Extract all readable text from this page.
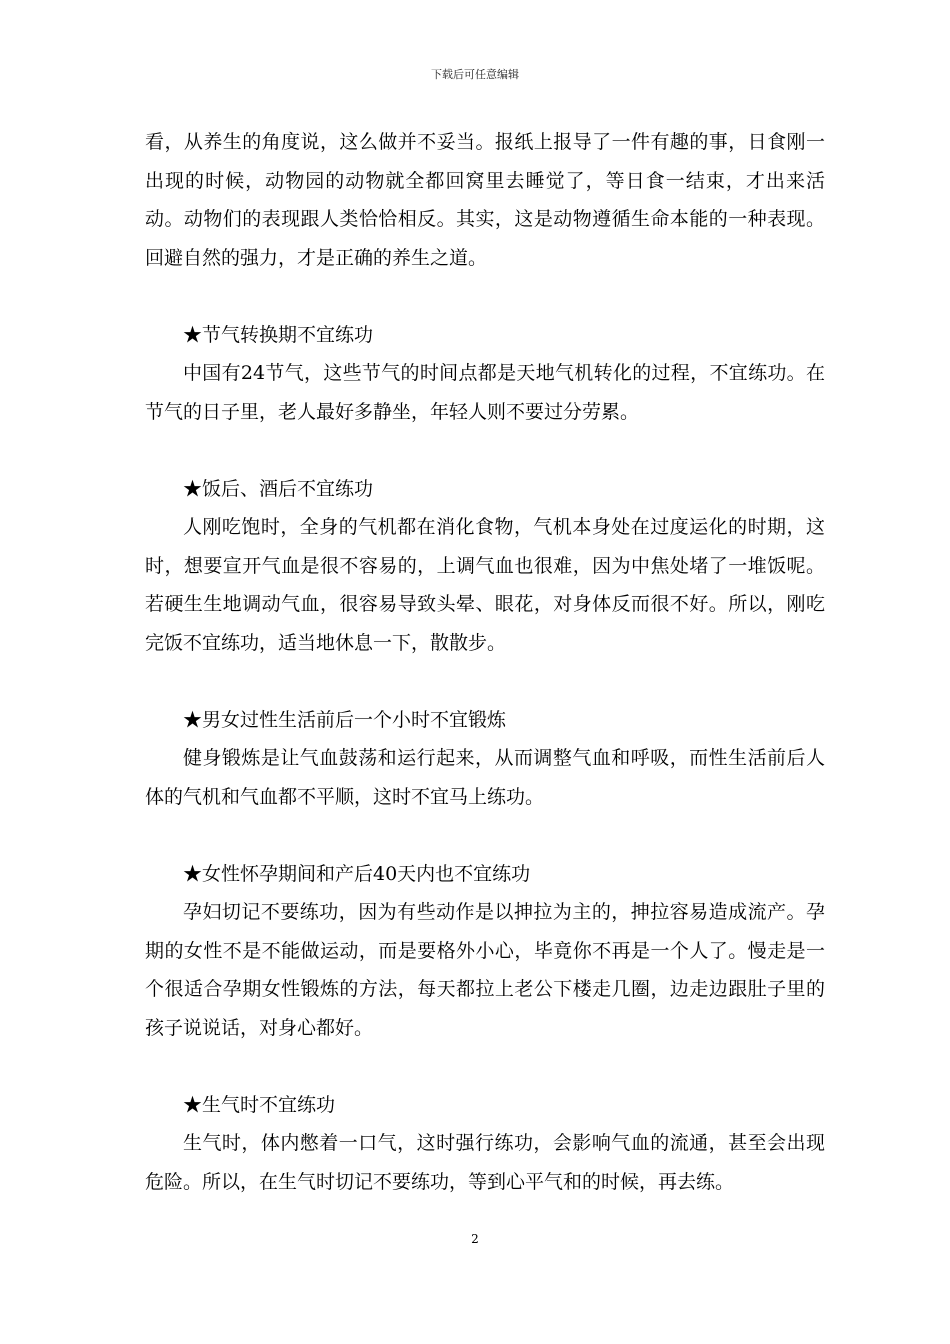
下载后可任意编辑

看，从养生的角度说，这么做并不妥当。报纸上报导了一件有趣的事，日食刚一出现的时候，动物园的动物就全都回窝里去睡觉了，等日食一结束，才出来活动。动物们的表现跟人类恰恰相反。其实，这是动物遵循生命本能的一种表现。回避自然的强力，才是正确的养生之道。

★节气转换期不宜练功

中国有24节气，这些节气的时间点都是天地气机转化的过程，不宜练功。在节气的日子里，老人最好多静坐，年轻人则不要过分劳累。

★饭后、酒后不宜练功

人刚吃饱时，全身的气机都在消化食物，气机本身处在过度运化的时期，这时，想要宣开气血是很不容易的，上调气血也很难，因为中焦处堵了一堆饭呢。若硬生生地调动气血，很容易导致头晕、眼花，对身体反而很不好。所以，刚吃完饭不宜练功，适当地休息一下，散散步。

★男女过性生活前后一个小时不宜锻炼

健身锻炼是让气血鼓荡和运行起来，从而调整气血和呼吸，而性生活前后人体的气机和气血都不平顺，这时不宜马上练功。

★女性怀孕期间和产后40天内也不宜练功

孕妇切记不要练功，因为有些动作是以抻拉为主的，抻拉容易造成流产。孕期的女性不是不能做运动，而是要格外小心，毕竟你不再是一个人了。慢走是一个很适合孕期女性锻炼的方法，每天都拉上老公下楼走几圈，边走边跟肚子里的孩子说说话，对身心都好。

★生气时不宜练功

生气时，体内憋着一口气，这时强行练功，会影响气血的流通，甚至会出现危险。所以，在生气时切记不要练功，等到心平气和的时候，再去练。

2
